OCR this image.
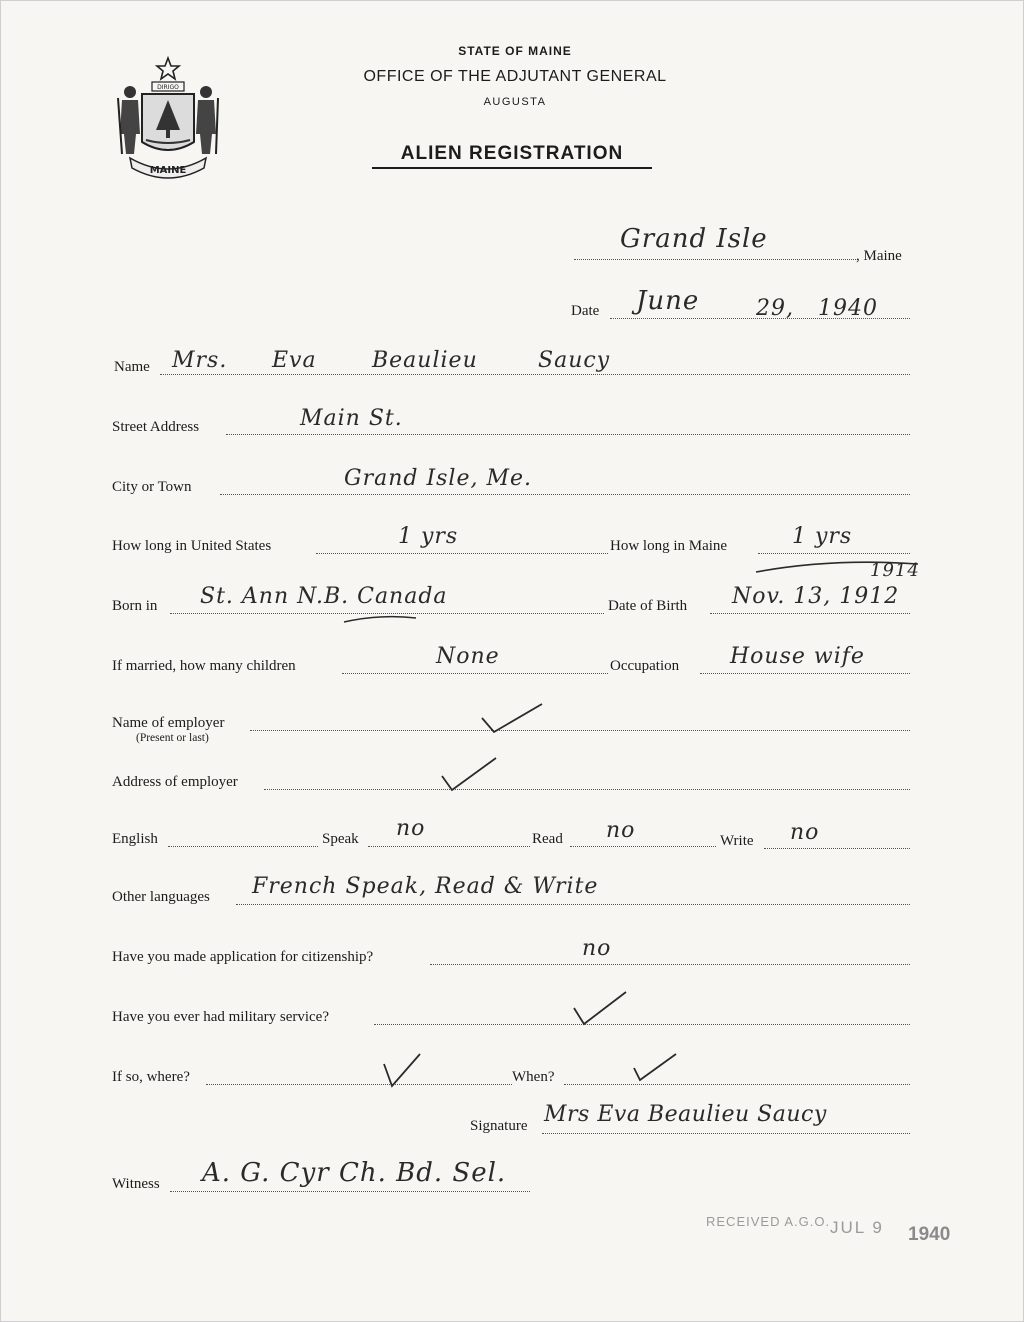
DIRIGO
MAINE
STATE OF MAINE
OFFICE OF THE ADJUTANT GENERAL
AUGUSTA
ALIEN REGISTRATION
Grand Isle
, Maine
Date June	29, 1940
Name Mrs. Eva	Beaulieu	Saucy
Street Address	Main St.
City or Town	Grand Isle, Me.
How long in United States	1 yrs	How long in Maine	1 yrs
1914
Born in St. Ann N.B. Canada	Date of Birth Nov. 13, 1912
If married, how many children	None	Occupation House wife
Name of employer
(Present or last)
Address of employer
English	Speak no	Read no	Write no
Other languages French Speak, Read & Write
Have you made application for citizenship?	no
Have you ever had military service?
If so, where?	When?
Signature Mrs Eva Beaulieu Saucy
Witness A. G. Cyr Ch. Bd. Sel.
RECEIVED A.G.O. JUL 9 1940
